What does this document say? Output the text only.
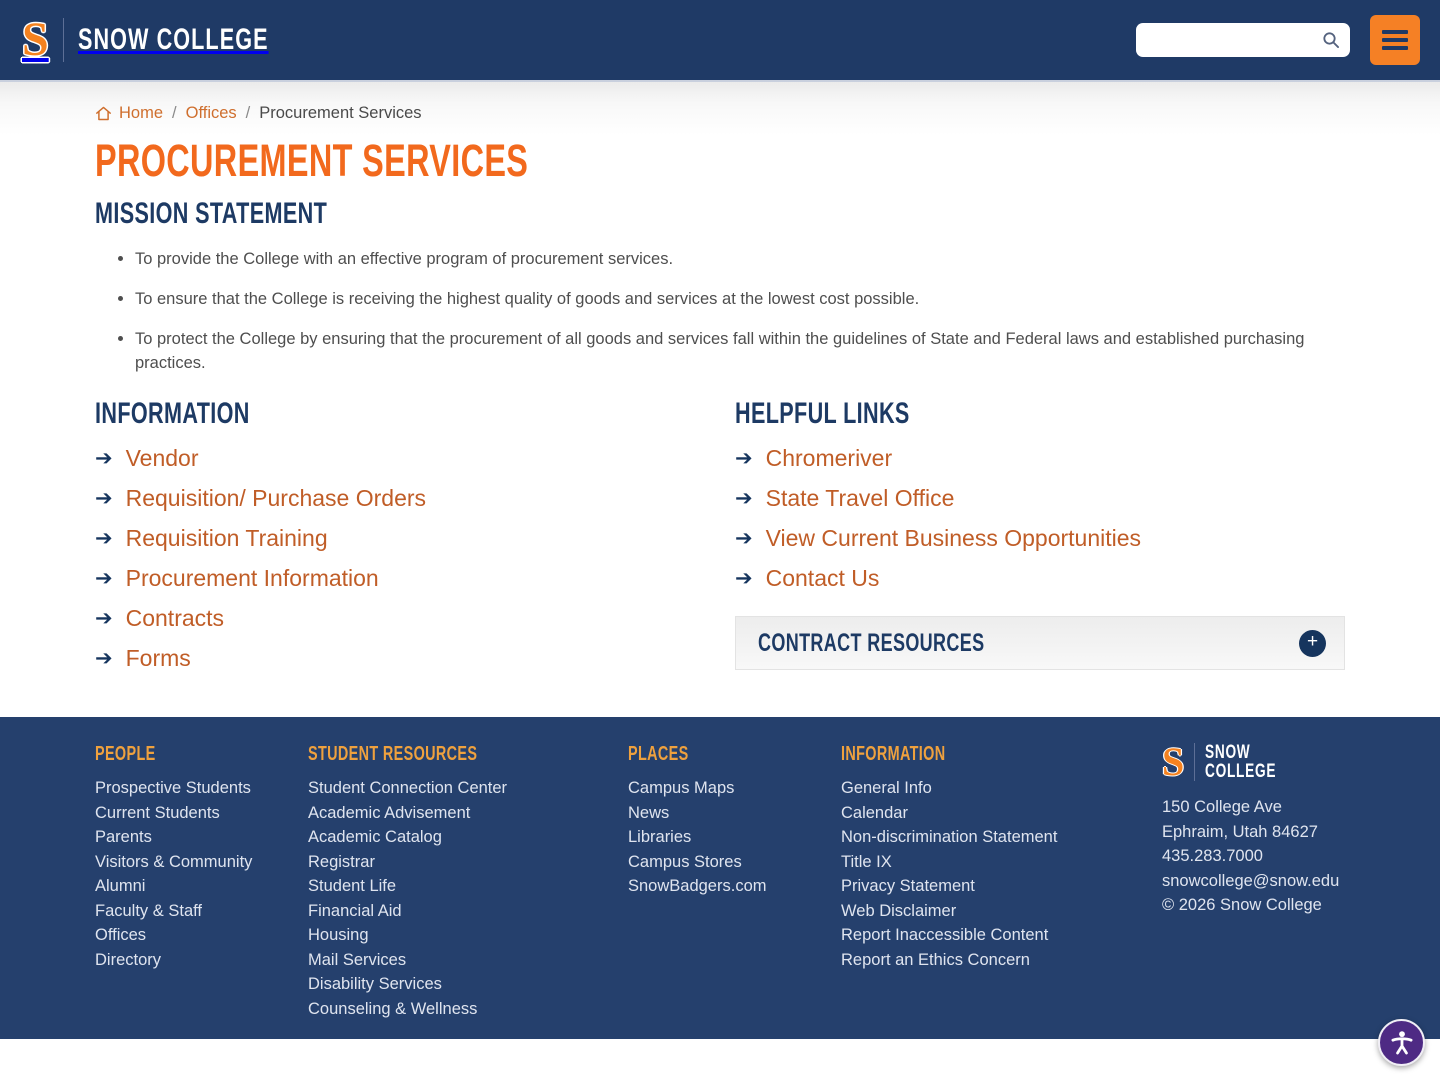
S SNOW COLLEGE
Home / Offices / Procurement Services
PROCUREMENT SERVICES
MISSION STATEMENT
To provide the College with an effective program of procurement services.
To ensure that the College is receiving the highest quality of goods and services at the lowest cost possible.
To protect the College by ensuring that the procurement of all goods and services fall within the guidelines of State and Federal laws and established purchasing practices.
INFORMATION
➔ Vendor
➔ Requisition/ Purchase Orders
➔ Requisition Training
➔ Procurement Information
➔ Contracts
➔ Forms
HELPFUL LINKS
➔ Chromeriver
➔ State Travel Office
➔ View Current Business Opportunities
➔ Contact Us
CONTRACT RESOURCES	+
PEOPLE
Prospective Students
Current Students
Parents
Visitors & Community
Alumni
Faculty & Staff
Offices
Directory
STUDENT RESOURCES
Student Connection Center
Academic Advisement
Academic Catalog
Registrar
Student Life
Financial Aid
Housing
Mail Services
Disability Services
Counseling & Wellness
PLACES
Campus Maps
News
Libraries
Campus Stores
SnowBadgers.com
INFORMATION
General Info
Calendar
Non-discrimination Statement
Title IX
Privacy Statement
Web Disclaimer
Report Inaccessible Content
Report an Ethics Concern
S SNOW
COLLEGE
150 College Ave
Ephraim, Utah 84627
435.283.7000
snowcollege@snow.edu
© 2026 Snow College
